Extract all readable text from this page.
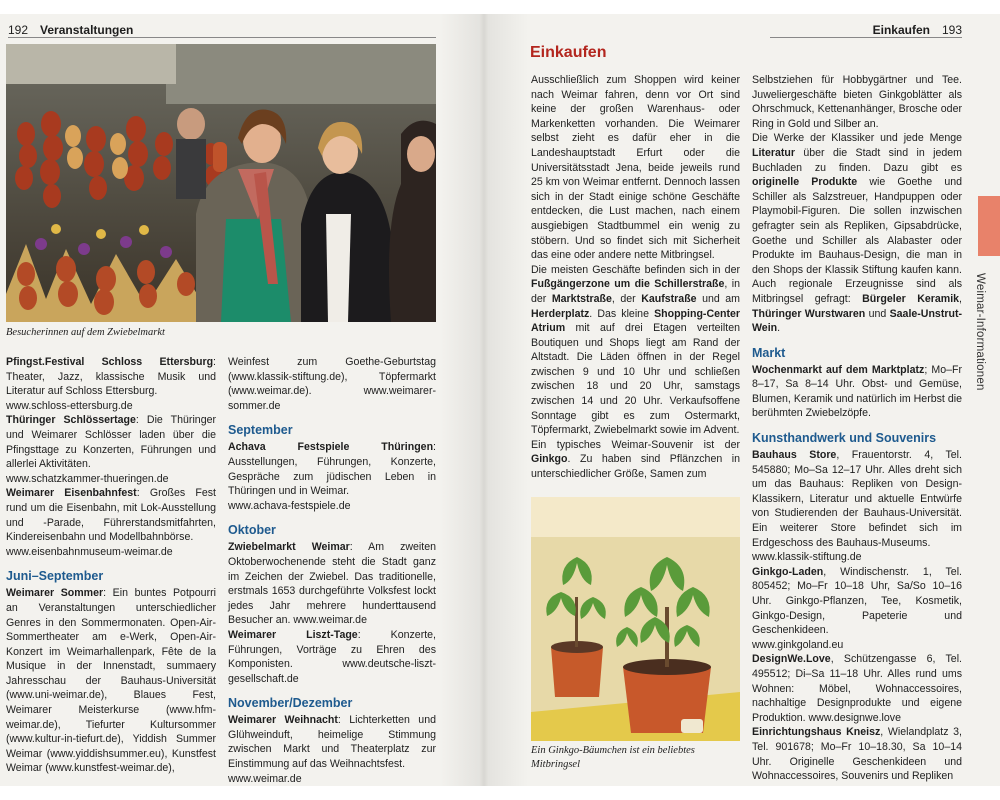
192 Veranstaltungen	Einkaufen 193
Besucherinnen auf dem Zwiebelmarkt

Pfingst.Festival Schloss Ettersburg: Theater, Jazz, klassische Musik und Literatur auf Schloss Ettersburg.

www.schloss-ettersburg.de

Thüringer Schlössertage: Die Thüringer und Weimarer Schlösser laden über die Pfingsttage zu Konzerten, Führungen und allerlei Aktivitäten.

www.schatzkammer-thueringen.de

Weimarer Eisenbahnfest: Großes Fest rund um die Eisenbahn, mit Lok-Ausstellung und -Parade, Führerstandsmitfahrten, Kindereisenbahn und Modellbahnbörse.

www.eisenbahnmuseum-weimar.de

Juni–September

Weimarer Sommer: Ein buntes Potpourri an Veranstaltungen unterschiedlicher Genres in den Sommermonaten. Open-Air-Sommertheater am e-Werk, Open-Air-Konzert im Weimarhallenpark, Fête de la Musique in der Innenstadt, summaery Jahresschau der Bauhaus-Universität (www.uni-weimar.de), Blaues Fest, Weimarer Meisterkurse (www.hfm-weimar.de), Tiefurter Kultursommer (www.kultur-in-tiefurt.de), Yiddish Summer Weimar (www.yiddishsummer.eu), Kunstfest Weimar (www.kunstfest-weimar.de),

Weinfest zum Goethe-Geburtstag (www.klassik-stiftung.de), Töpfermarkt (www.weimar.de). www.weimarer-sommer.de

September

Achava Festspiele Thüringen: Ausstellungen, Führungen, Konzerte, Gespräche zum jüdischen Leben in Thüringen und in Weimar.

www.achava-festspiele.de

Oktober

Zwiebelmarkt Weimar: Am zweiten Oktoberwochenende steht die Stadt ganz im Zeichen der Zwiebel. Das traditionelle, erstmals 1653 durchgeführte Volksfest lockt jedes Jahr mehrere hunderttausend Besucher an. www.weimar.de

Weimarer Liszt-Tage: Konzerte, Führungen, Vorträge zu Ehren des Komponisten. www.deutsche-liszt-gesellschaft.de

November/Dezember

Weimarer Weihnacht: Lichterketten und Glühweinduft, heimelige Stimmung zwischen Markt und Theaterplatz zur Einstimmung auf das Weihnachtsfest.

www.weimar.de

Einkaufen

Ausschließlich zum Shoppen wird keiner nach Weimar fahren, denn vor Ort sind keine der großen Warenhaus- oder Markenketten vorhanden. Die Weimarer selbst zieht es dafür eher in die Landeshauptstadt Erfurt oder die Universitätsstadt Jena, beide jeweils rund 25 km von Weimar entfernt. Dennoch lassen sich in der Stadt einige schöne Geschäfte entdecken, die Lust machen, nach einem ausgiebigen Stadtbummel ein wenig zu stöbern. Und so findet sich mit Sicherheit das eine oder andere nette Mitbringsel.

Die meisten Geschäfte befinden sich in der Fußgängerzone um die Schillerstraße, in der Marktstraße, der Kaufstraße und am Herderplatz. Das kleine Shopping-Center Atrium mit auf drei Etagen verteilten Boutiquen und Shops liegt am Rand der Altstadt. Die Läden öffnen in der Regel zwischen 9 und 10 Uhr und schließen zwischen 18 und 20 Uhr, samstags zwischen 14 und 20 Uhr. Verkaufsoffene Sonntage gibt es zum Ostermarkt, Töpfermarkt, Zwiebelmarkt sowie im Advent.

Ein typisches Weimar-Souvenir ist der Ginkgo. Zu haben sind Pflänzchen in unterschiedlicher Größe, Samen zum

Ein Ginkgo-Bäumchen ist ein beliebtes Mitbringsel

Selbstziehen für Hobbygärtner und Tee. Juweliergeschäfte bieten Ginkgoblätter als Ohrschmuck, Kettenanhänger, Brosche oder Ring in Gold und Silber an.

Die Werke der Klassiker und jede Menge Literatur über die Stadt sind in jedem Buchladen zu finden. Dazu gibt es originelle Produkte wie Goethe und Schiller als Salzstreuer, Handpuppen oder Playmobil-Figuren. Die sollen inzwischen gefragter sein als Repliken, Gipsabdrücke, Goethe und Schiller als Alabaster oder Produkte im Bauhaus-Design, die man in den Shops der Klassik Stiftung kaufen kann. Auch regionale Erzeugnisse sind als Mitbringsel gefragt: Bürgeler Keramik, Thüringer Wurstwaren und Saale-Unstrut-Wein.

Markt

Wochenmarkt auf dem Marktplatz; Mo–Fr 8–17, Sa 8–14 Uhr. Obst- und Gemüse, Blumen, Keramik und natürlich im Herbst die berühmten Zwiebelzöpfe.

Kunsthandwerk und Souvenirs

Bauhaus Store, Frauentorstr. 4, Tel. 545880; Mo–Sa 12–17 Uhr. Alles dreht sich um das Bauhaus: Repliken von Design-Klassikern, Literatur und aktuelle Entwürfe von Studierenden der Bauhaus-Universität. Ein weiterer Store befindet sich im Erdgeschoss des Bauhaus-Museums.

www.klassik-stiftung.de

Ginkgo-Laden, Windischenstr. 1, Tel. 805452; Mo–Fr 10–18 Uhr, Sa/So 10–16 Uhr. Ginkgo-Pflanzen, Tee, Kosmetik, Ginkgo-Design, Papeterie und Geschenkideen.

www.ginkgoland.eu

DesignWe.Love, Schützengasse 6, Tel. 495512; Di–Sa 11–18 Uhr. Alles rund ums Wohnen: Möbel, Wohnaccessoires, nachhaltige Designprodukte und eigene Produktion. www.designwe.love

Einrichtungshaus Kneisz, Wielandplatz 3, Tel. 901678; Mo–Fr 10–18.30, Sa 10–14 Uhr. Originelle Geschenkideen und Wohnaccessoires, Souvenirs und Repliken

Weimar-Informationen
